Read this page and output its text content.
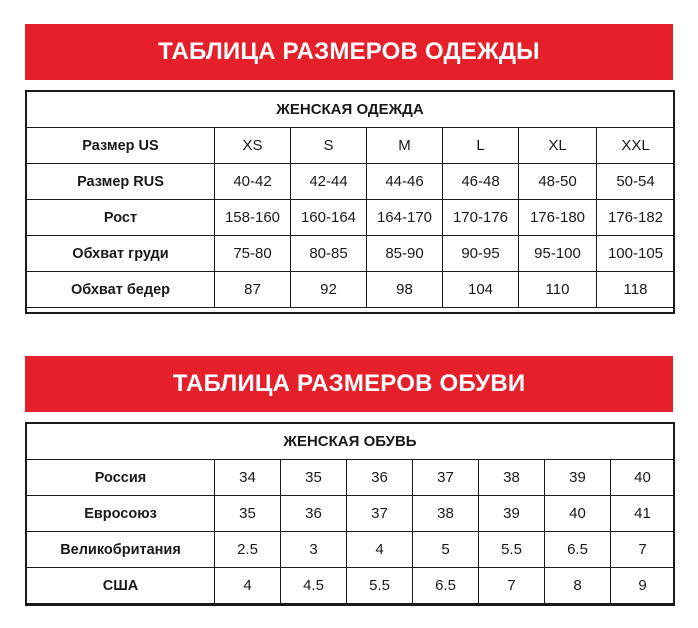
ТАБЛИЦА РАЗМЕРОВ ОДЕЖДЫ
ЖЕНСКАЯ ОДЕЖДА
Размер US	XS	S	M	L	XL	XXL
Размер RUS	40-42	42-44	44-46	46-48	48-50	50-54
Рост	158-160	160-164	164-170	170-176	176-180	176-182
Обхват груди	75-80	80-85	85-90	90-95	95-100	100-105
Обхват бедер	87	92	98	104	110	118
ТАБЛИЦА РАЗМЕРОВ ОБУВИ
ЖЕНСКАЯ ОБУВЬ
Россия	34	35	36	37	38	39	40
Евросоюз	35	36	37	38	39	40	41
Великобритания	2.5	3	4	5	5.5	6.5	7
США	4	4.5	5.5	6.5	7	8	9
